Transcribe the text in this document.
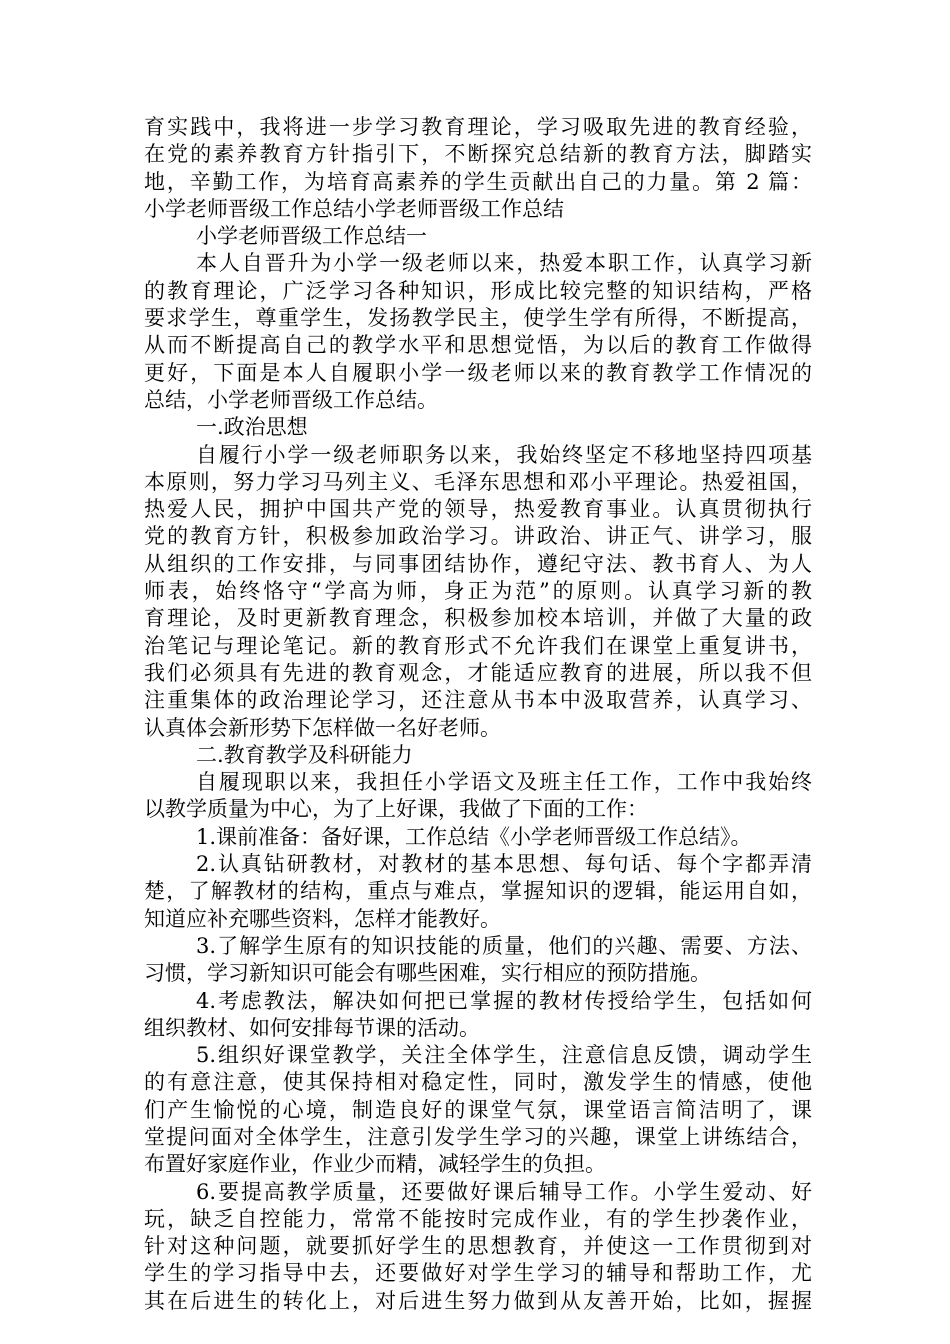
育实践中，我将进一步学习教育理论，学习吸取先进的教育经验，
在党的素养教育方针指引下，不断探究总结新的教育方法，脚踏实
地，辛勤工作，为培育高素养的学生贡献出自己的力量。第 2 篇：
小学老师晋级工作总结小学老师晋级工作总结
小学老师晋级工作总结一
本人自晋升为小学一级老师以来，热爱本职工作，认真学习新
的教育理论，广泛学习各种知识，形成比较完整的知识结构，严格
要求学生，尊重学生，发扬教学民主，使学生学有所得，不断提高，
从而不断提高自己的教学水平和思想觉悟，为以后的教育工作做得
更好，下面是本人自履职小学一级老师以来的教育教学工作情况的
总结，小学老师晋级工作总结。
一.政治思想
自履行小学一级老师职务以来，我始终坚定不移地坚持四项基
本原则，努力学习马列主义、毛泽东思想和邓小平理论。热爱祖国，
热爱人民，拥护中国共产党的领导，热爱教育事业。认真贯彻执行
党的教育方针，积极参加政治学习。讲政治、讲正气、讲学习，服
从组织的工作安排，与同事团结协作，遵纪守法、教书育人、为人
师表，始终恪守“学高为师，身正为范”的原则。认真学习新的教
育理论，及时更新教育理念，积极参加校本培训，并做了大量的政
治笔记与理论笔记。新的教育形式不允许我们在课堂上重复讲书，
我们必须具有先进的教育观念，才能适应教育的进展，所以我不但
注重集体的政治理论学习，还注意从书本中汲取营养，认真学习、
认真体会新形势下怎样做一名好老师。
二.教育教学及科研能力
自履现职以来，我担任小学语文及班主任工作，工作中我始终
以教学质量为中心，为了上好课，我做了下面的工作：
1.课前准备：备好课，工作总结《小学老师晋级工作总结》。
2.认真钻研教材，对教材的基本思想、每句话、每个字都弄清
楚，了解教材的结构，重点与难点，掌握知识的逻辑，能运用自如，
知道应补充哪些资料，怎样才能教好。
3.了解学生原有的知识技能的质量，他们的兴趣、需要、方法、
习惯，学习新知识可能会有哪些困难，实行相应的预防措施。
4.考虑教法，解决如何把已掌握的教材传授给学生，包括如何
组织教材、如何安排每节课的活动。
5.组织好课堂教学，关注全体学生，注意信息反馈，调动学生
的有意注意，使其保持相对稳定性，同时，激发学生的情感，使他
们产生愉悦的心境，制造良好的课堂气氛，课堂语言简洁明了，课
堂提问面对全体学生，注意引发学生学习的兴趣，课堂上讲练结合，
布置好家庭作业，作业少而精，减轻学生的负担。
6.要提高教学质量，还要做好课后辅导工作。小学生爱动、好
玩，缺乏自控能力，常常不能按时完成作业，有的学生抄袭作业，
针对这种问题，就要抓好学生的思想教育，并使这一工作贯彻到对
学生的学习指导中去，还要做好对学生学习的辅导和帮助工作，尤
其在后进生的转化上，对后进生努力做到从友善开始，比如，握握
